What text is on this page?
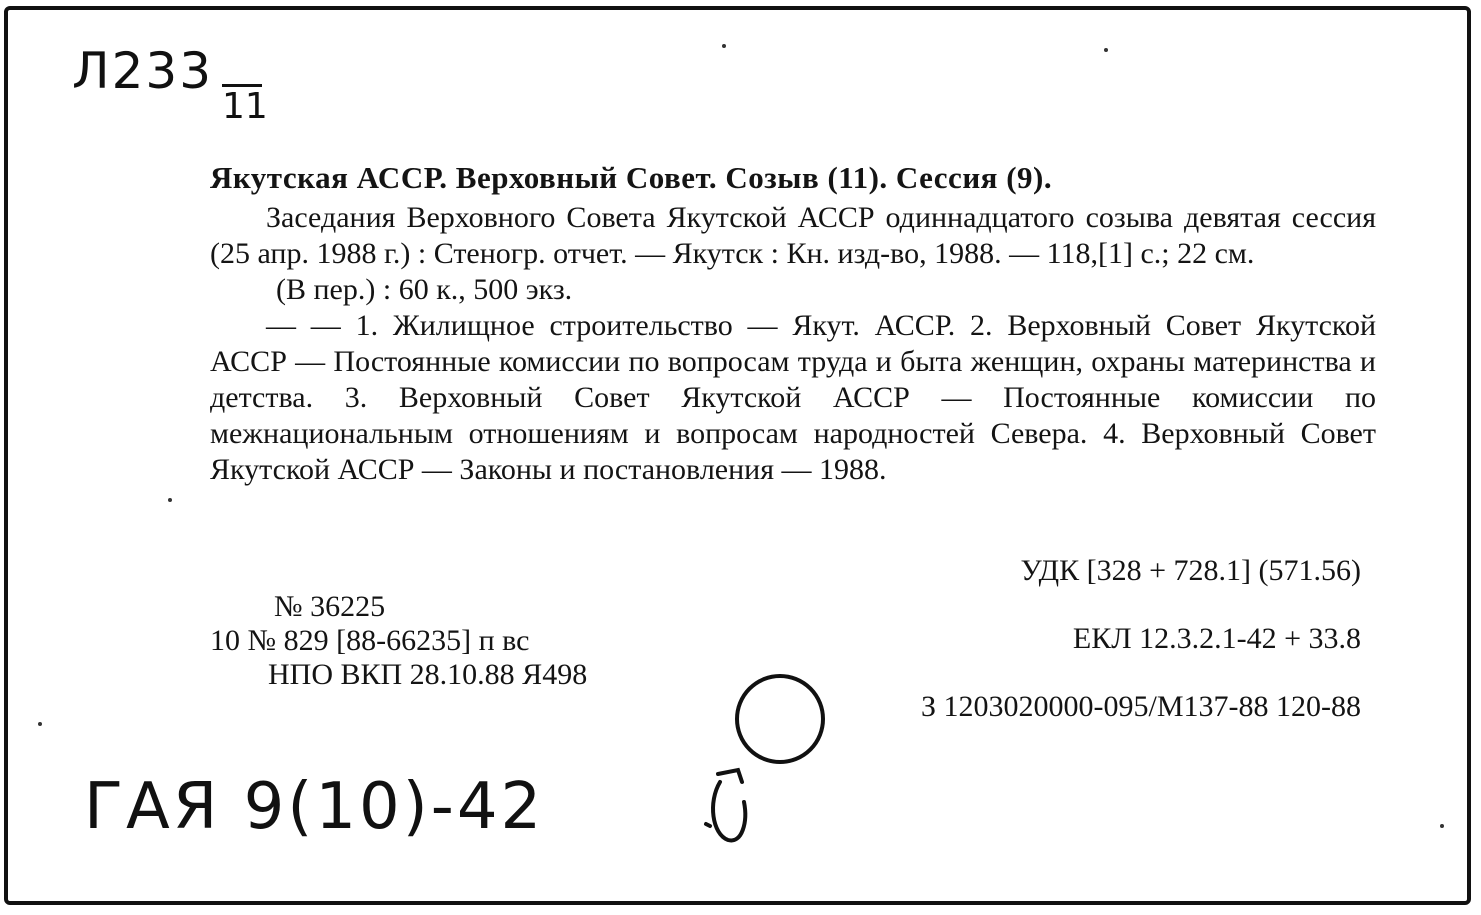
Л233
11
Якутская АССР. Верховный Совет. Созыв (11). Сессия (9).

Заседания Верховного Совета Якутской АССР одиннадцатого созыва девятая сессия (25 апр. 1988 г.) : Стеногр. отчет. — Якутск : Кн. изд-во, 1988. — 118,[1] с.; 22 см.

(В пер.) : 60 к., 500 экз.

— — 1. Жилищное строительство — Якут. АССР. 2. Верховный Совет Якутской АССР — Постоянные комиссии по вопросам труда и быта женщин, охраны материнства и детства. 3. Верховный Совет Якутской АССР — Постоянные комиссии по межнациональным отношениям и вопросам народностей Севера. 4. Верховный Совет Якутской АССР — Законы и постановления — 1988.

УДК [328 + 728.1] (571.56)
ЕКЛ 12.3.2.1-42 + 33.8
З 1203020000-095/М137-88 120-88
№ 36225
10 № 829 [88-66235] п вс
НПО ВКП 28.10.88 Я498
ГАЯ 9(10)-42
